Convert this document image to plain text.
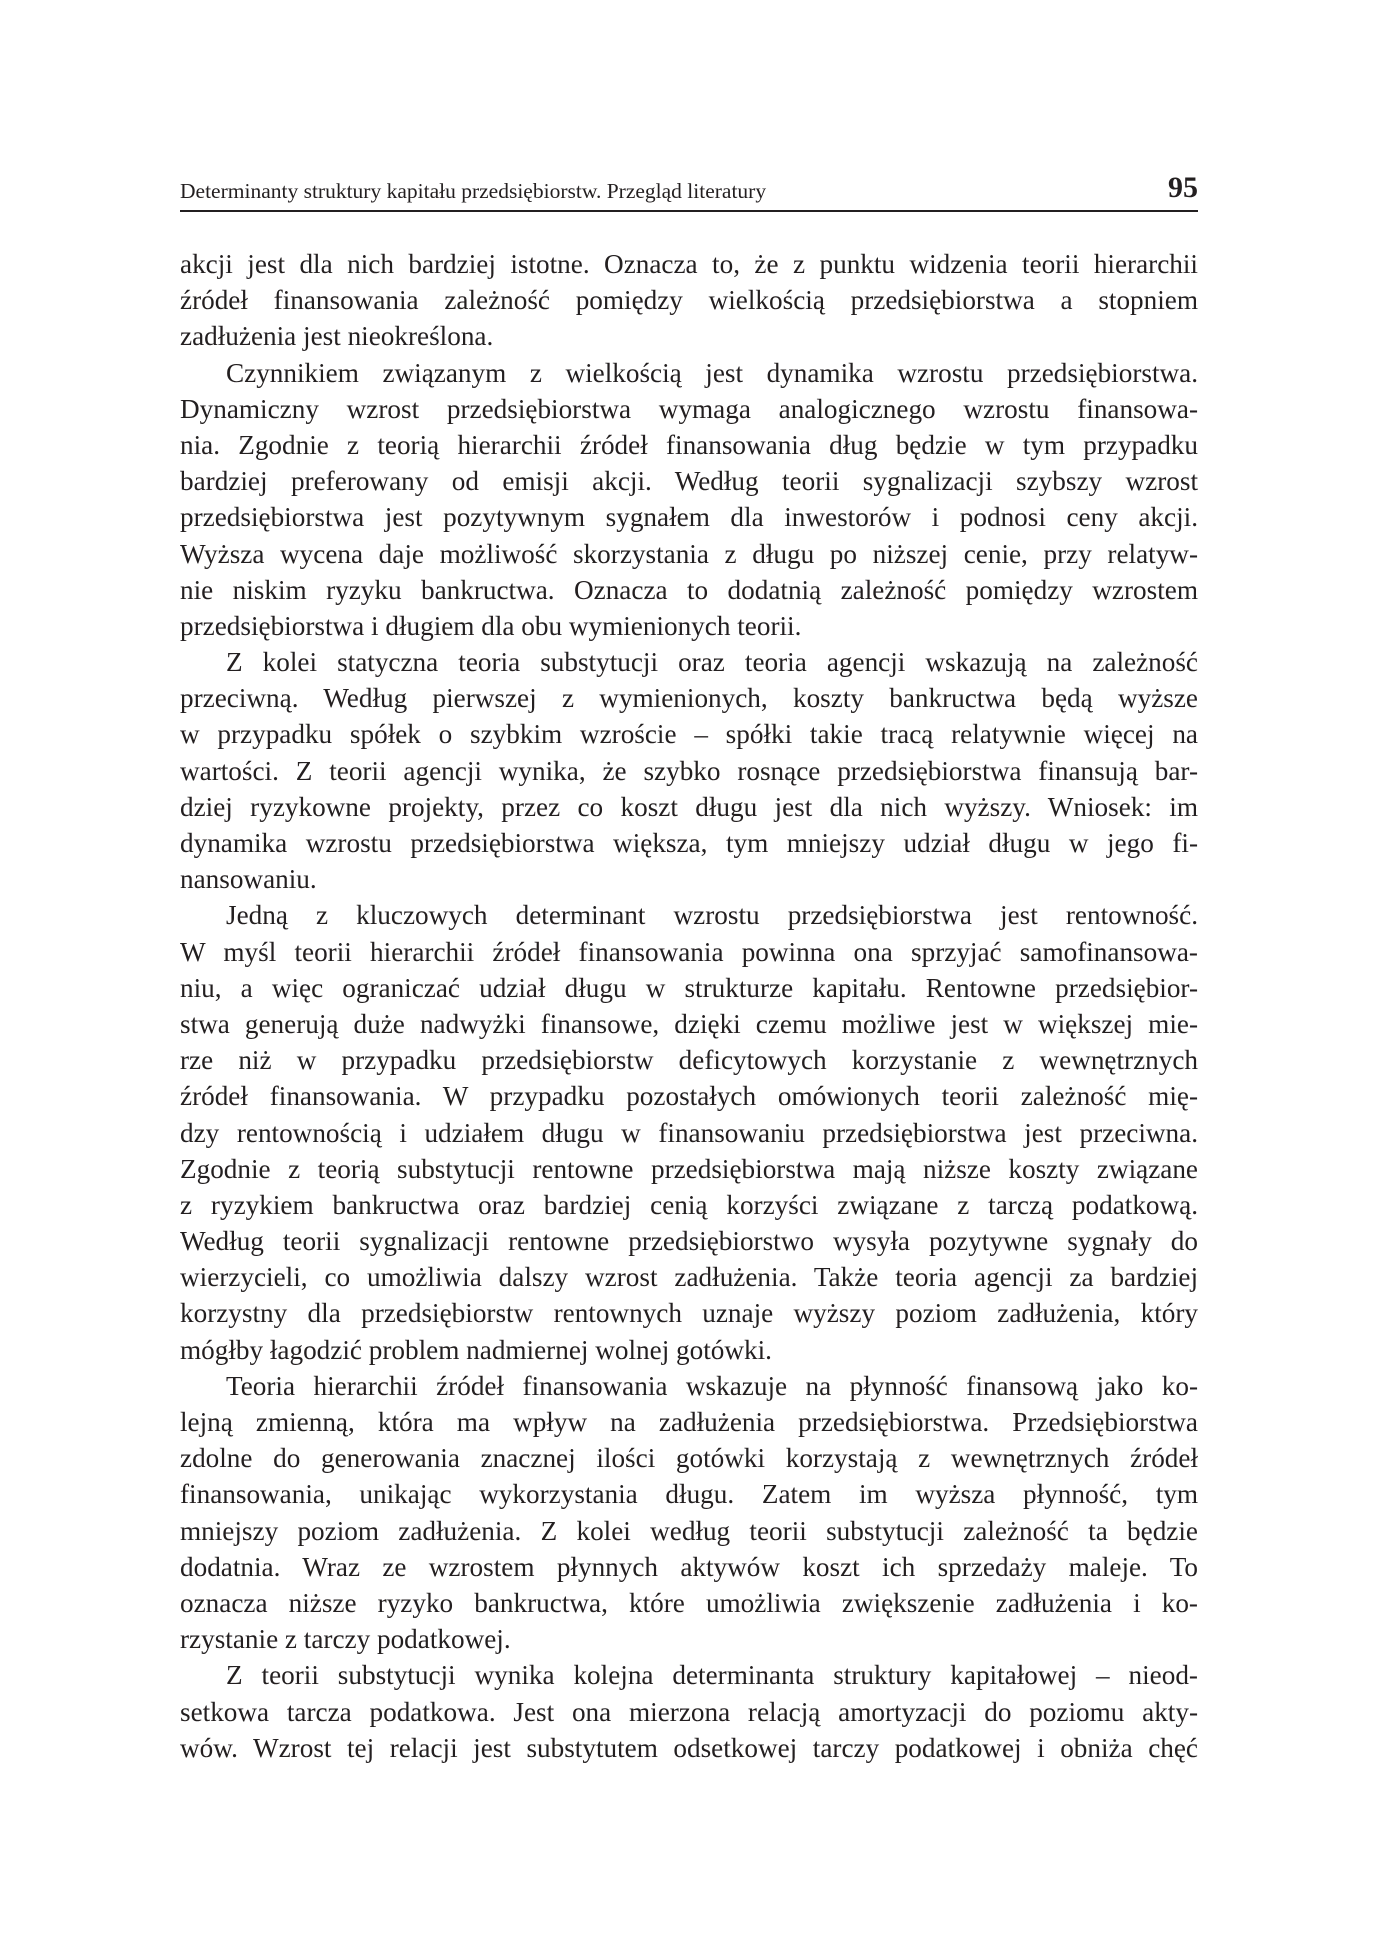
Determinanty struktury kapitału przedsiębiorstw. Przegląd literatury	95
akcji jest dla nich bardziej istotne. Oznacza to, że z punktu widzenia teorii hierarchii
źródeł finansowania zależność pomiędzy wielkością przedsiębiorstwa a stopniem
zadłużenia jest nieokreślona.
Czynnikiem związanym z wielkością jest dynamika wzrostu przedsiębiorstwa.
Dynamiczny wzrost przedsiębiorstwa wymaga analogicznego wzrostu finansowa-
nia. Zgodnie z teorią hierarchii źródeł finansowania dług będzie w tym przypadku
bardziej preferowany od emisji akcji. Według teorii sygnalizacji szybszy wzrost
przedsiębiorstwa jest pozytywnym sygnałem dla inwestorów i podnosi ceny akcji.
Wyższa wycena daje możliwość skorzystania z długu po niższej cenie, przy relatyw-
nie niskim ryzyku bankructwa. Oznacza to dodatnią zależność pomiędzy wzrostem
przedsiębiorstwa i długiem dla obu wymienionych teorii.
Z kolei statyczna teoria substytucji oraz teoria agencji wskazują na zależność
przeciwną. Według pierwszej z wymienionych, koszty bankructwa będą wyższe
w przypadku spółek o szybkim wzroście – spółki takie tracą relatywnie więcej na
wartości. Z teorii agencji wynika, że szybko rosnące przedsiębiorstwa finansują bar-
dziej ryzykowne projekty, przez co koszt długu jest dla nich wyższy. Wniosek: im
dynamika wzrostu przedsiębiorstwa większa, tym mniejszy udział długu w jego fi-
nansowaniu.
Jedną z kluczowych determinant wzrostu przedsiębiorstwa jest rentowność.
W myśl teorii hierarchii źródeł finansowania powinna ona sprzyjać samofinansowa-
niu, a więc ograniczać udział długu w strukturze kapitału. Rentowne przedsiębior-
stwa generują duże nadwyżki finansowe, dzięki czemu możliwe jest w większej mie-
rze niż w przypadku przedsiębiorstw deficytowych korzystanie z wewnętrznych
źródeł finansowania. W przypadku pozostałych omówionych teorii zależność mię-
dzy rentownością i udziałem długu w finansowaniu przedsiębiorstwa jest przeciwna.
Zgodnie z teorią substytucji rentowne przedsiębiorstwa mają niższe koszty związane
z ryzykiem bankructwa oraz bardziej cenią korzyści związane z tarczą podatkową.
Według teorii sygnalizacji rentowne przedsiębiorstwo wysyła pozytywne sygnały do
wierzycieli, co umożliwia dalszy wzrost zadłużenia. Także teoria agencji za bardziej
korzystny dla przedsiębiorstw rentownych uznaje wyższy poziom zadłużenia, który
mógłby łagodzić problem nadmiernej wolnej gotówki.
Teoria hierarchii źródeł finansowania wskazuje na płynność finansową jako ko-
lejną zmienną, która ma wpływ na zadłużenia przedsiębiorstwa. Przedsiębiorstwa
zdolne do generowania znacznej ilości gotówki korzystają z wewnętrznych źródeł
finansowania, unikając wykorzystania długu. Zatem im wyższa płynność, tym
mniejszy poziom zadłużenia. Z kolei według teorii substytucji zależność ta będzie
dodatnia. Wraz ze wzrostem płynnych aktywów koszt ich sprzedaży maleje. To
oznacza niższe ryzyko bankructwa, które umożliwia zwiększenie zadłużenia i ko-
rzystanie z tarczy podatkowej.
Z teorii substytucji wynika kolejna determinanta struktury kapitałowej – nieod-
setkowa tarcza podatkowa. Jest ona mierzona relacją amortyzacji do poziomu akty-
wów. Wzrost tej relacji jest substytutem odsetkowej tarczy podatkowej i obniża chęć
